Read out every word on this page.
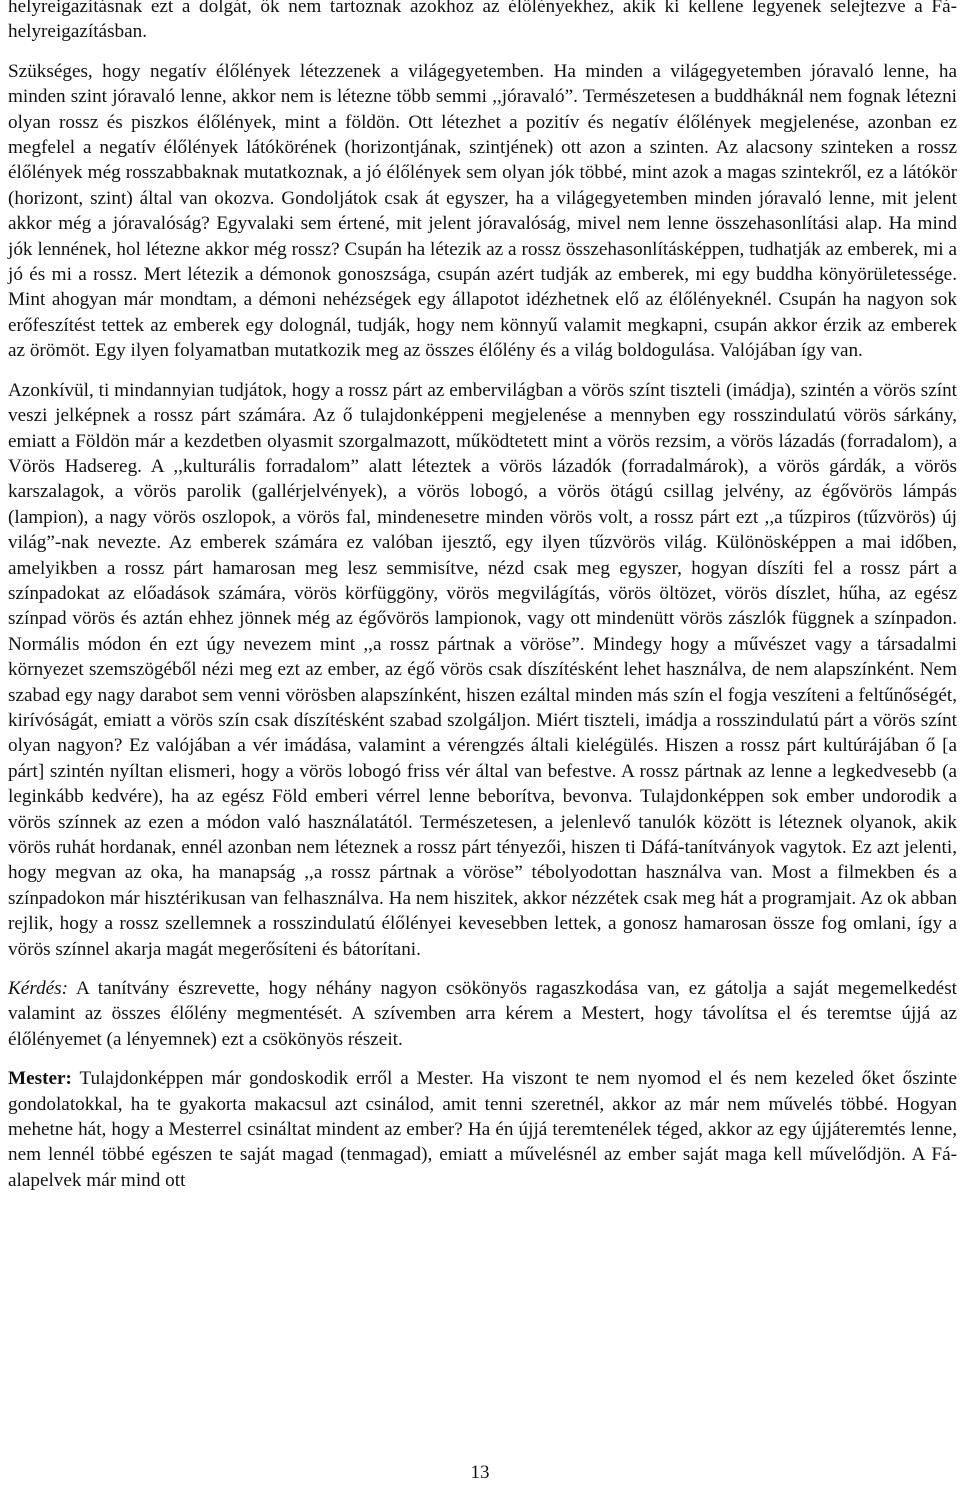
helyreigazításnak ezt a dolgát, ők nem tartoznak azokhoz az élőlényekhez, akik ki kellene legyenek selejtezve a Fá-helyreigazításban.

Szükséges, hogy negatív élőlények létezzenek a világegyetemben. Ha minden a világegyetemben jóravaló lenne, ha minden szint jóravaló lenne, akkor nem is létezne több semmi ,,jóravaló”. Természetesen a buddháknál nem fognak létezni olyan rossz és piszkos élőlények, mint a földön. Ott létezhet a pozitív és negatív élőlények megjelenése, azonban ez megfelel a negatív élőlények látókörének (horizontjának, szintjének) ott azon a szinten. Az alacsony szinteken a rossz élőlények még rosszabbaknak mutatkoznak, a jó élőlények sem olyan jók többé, mint azok a magas szintekről, ez a látókör (horizont, szint) által van okozva. Gondoljátok csak át egyszer, ha a világegyetemben minden jóravaló lenne, mit jelent akkor még a jóravalóság? Egyvalaki sem értené, mit jelent jóravalóság, mivel nem lenne összehasonlítási alap. Ha mind jók lennének, hol létezne akkor még rossz? Csupán ha létezik az a rossz összehasonlításképpen, tudhatják az emberek, mi a jó és mi a rossz. Mert létezik a démonok gonoszsága, csupán azért tudják az emberek, mi egy buddha könyörületessége. Mint ahogyan már mondtam, a démoni nehézségek egy állapotot idézhetnek elő az élőlényeknél. Csupán ha nagyon sok erőfeszítést tettek az emberek egy dolognál, tudják, hogy nem könnyű valamit megkapni, csupán akkor érzik az emberek az örömöt. Egy ilyen folyamatban mutatkozik meg az összes élőlény és a világ boldogulása. Valójában így van.

Azonkívül, ti mindannyian tudjátok, hogy a rossz párt az embervilágban a vörös színt tiszteli (imádja), szintén a vörös színt veszi jelképnek a rossz párt számára. Az ő tulajdonképpeni megjelenése a mennyben egy rosszindulatú vörös sárkány, emiatt a Földön már a kezdetben olyasmit szorgalmazott, működtetett mint a vörös rezsim, a vörös lázadás (forradalom), a Vörös Hadsereg. A ,,kulturális forradalom” alatt léteztek a vörös lázadók (forradalmárok), a vörös gárdák, a vörös karszalagok, a vörös parolik (gallérjelvények), a vörös lobogó, a vörös ötágú csillag jelvény, az égővörös lámpás (lampion), a nagy vörös oszlopok, a vörös fal, mindenesetre minden vörös volt, a rossz párt ezt ,,a tűzpiros (tűzvörös) új világ”-nak nevezte. Az emberek számára ez valóban ijesztő, egy ilyen tűzvörös világ. Különösképpen a mai időben, amelyikben a rossz párt hamarosan meg lesz semmisítve, nézd csak meg egyszer, hogyan díszíti fel a rossz párt a színpadokat az előadások számára, vörös körfüggöny, vörös megvilágítás, vörös öltözet, vörös díszlet, hűha, az egész színpad vörös és aztán ehhez jönnek még az égővörös lampionok, vagy ott mindenütt vörös zászlók függnek a színpadon. Normális módon én ezt úgy nevezem mint ,,a rossz pártnak a vöröse”. Mindegy hogy a művészet vagy a társadalmi környezet szemszögéből nézi meg ezt az ember, az égő vörös csak díszítésként lehet használva, de nem alapszínként. Nem szabad egy nagy darabot sem venni vörösben alapszínként, hiszen ezáltal minden más szín el fogja veszíteni a feltűnőségét, kirívóságát, emiatt a vörös szín csak díszítésként szabad szolgáljon. Miért tiszteli, imádja a rosszindulatú párt a vörös színt olyan nagyon? Ez valójában a vér imádása, valamint a vérengzés általi kielégülés. Hiszen a rossz párt kultúrájában ő [a párt] szintén nyíltan elismeri, hogy a vörös lobogó friss vér által van befestve. A rossz pártnak az lenne a legkedvesebb (a leginkább kedvére), ha az egész Föld emberi vérrel lenne beborítva, bevonva. Tulajdonképpen sok ember undorodik a vörös színnek az ezen a módon való használatától. Természetesen, a jelenlevő tanulók között is léteznek olyanok, akik vörös ruhát hordanak, ennél azonban nem léteznek a rossz párt tényezői, hiszen ti Dáfá-tanítványok vagytok. Ez azt jelenti, hogy megvan az oka, ha manapság ,,a rossz pártnak a vöröse” tébolyodottan használva van. Most a filmekben és a színpadokon már hisztérikusan van felhasználva. Ha nem hiszitek, akkor nézzétek csak meg hát a programjait. Az ok abban rejlik, hogy a rossz szellemnek a rosszindulatú élőlényei kevesebben lettek, a gonosz hamarosan össze fog omlani, így a vörös színnel akarja magát megerősíteni és bátorítani.

Kérdés: A tanítvány észrevette, hogy néhány nagyon csökönyös ragaszkodása van, ez gátolja a saját megemelkedést valamint az összes élőlény megmentését. A szívemben arra kérem a Mestert, hogy távolítsa el és teremtse újjá az élőlényemet (a lényemnek) ezt a csökönyös részeit.

Mester: Tulajdonképpen már gondoskodik erről a Mester. Ha viszont te nem nyomod el és nem kezeled őket őszinte gondolatokkal, ha te gyakorta makacsul azt csinálod, amit tenni szeretnél, akkor az már nem művelés többé. Hogyan mehetne hát, hogy a Mesterrel csináltat mindent az ember? Ha én újjá teremtenélek téged, akkor az egy újjáteremtés lenne, nem lennél többé egészen te saját magad (tenmagad), emiatt a művelésnél az ember saját maga kell művelődjön. A Fá-alapelvek már mind ott

13
